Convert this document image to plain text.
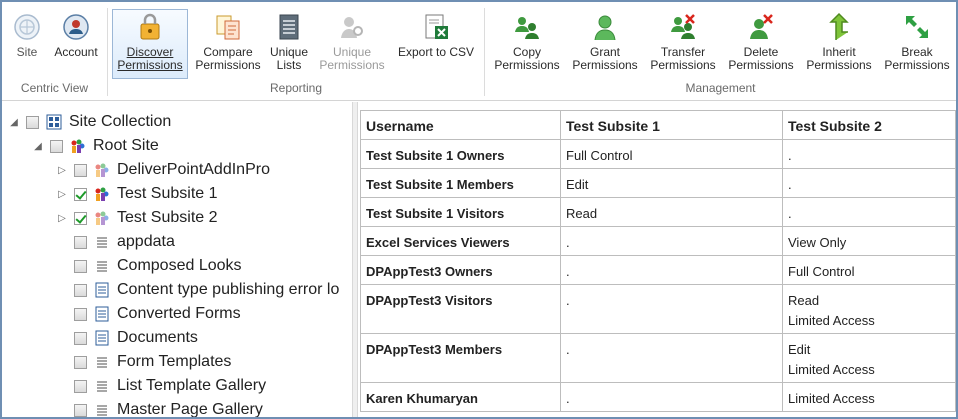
Site Account
Centric View
Discover
Permissions
Compare
Permissions
Unique
Lists
Unique
Permissions
Export to CSV
Reporting
Copy
Permissions
Grant
Permissions
Transfer
Permissions
Delete
Permissions
Inherit
Permissions
Break
Permissions
Management
◢	Site Collection
◢	Root Site
▷	DeliverPointAddInPro
▷	Test Subsite 1
▷	Test Subsite 2
appdata
Composed Looks
Content type publishing error lo
Converted Forms
Documents
Form Templates
List Template Gallery
Master Page Gallery
Username	Test Subsite 1	Test Subsite 2
Test Subsite 1 Owners	Full Control	.
Test Subsite 1 Members	Edit	.
Test Subsite 1 Visitors	Read	.
Excel Services Viewers	.	View Only
DPAppTest3 Owners	.	Full Control
DPAppTest3 Visitors	.	Read
Limited Access

DPAppTest3 Members	.	Edit
Limited Access

Karen Khumaryan	.	Limited Access
